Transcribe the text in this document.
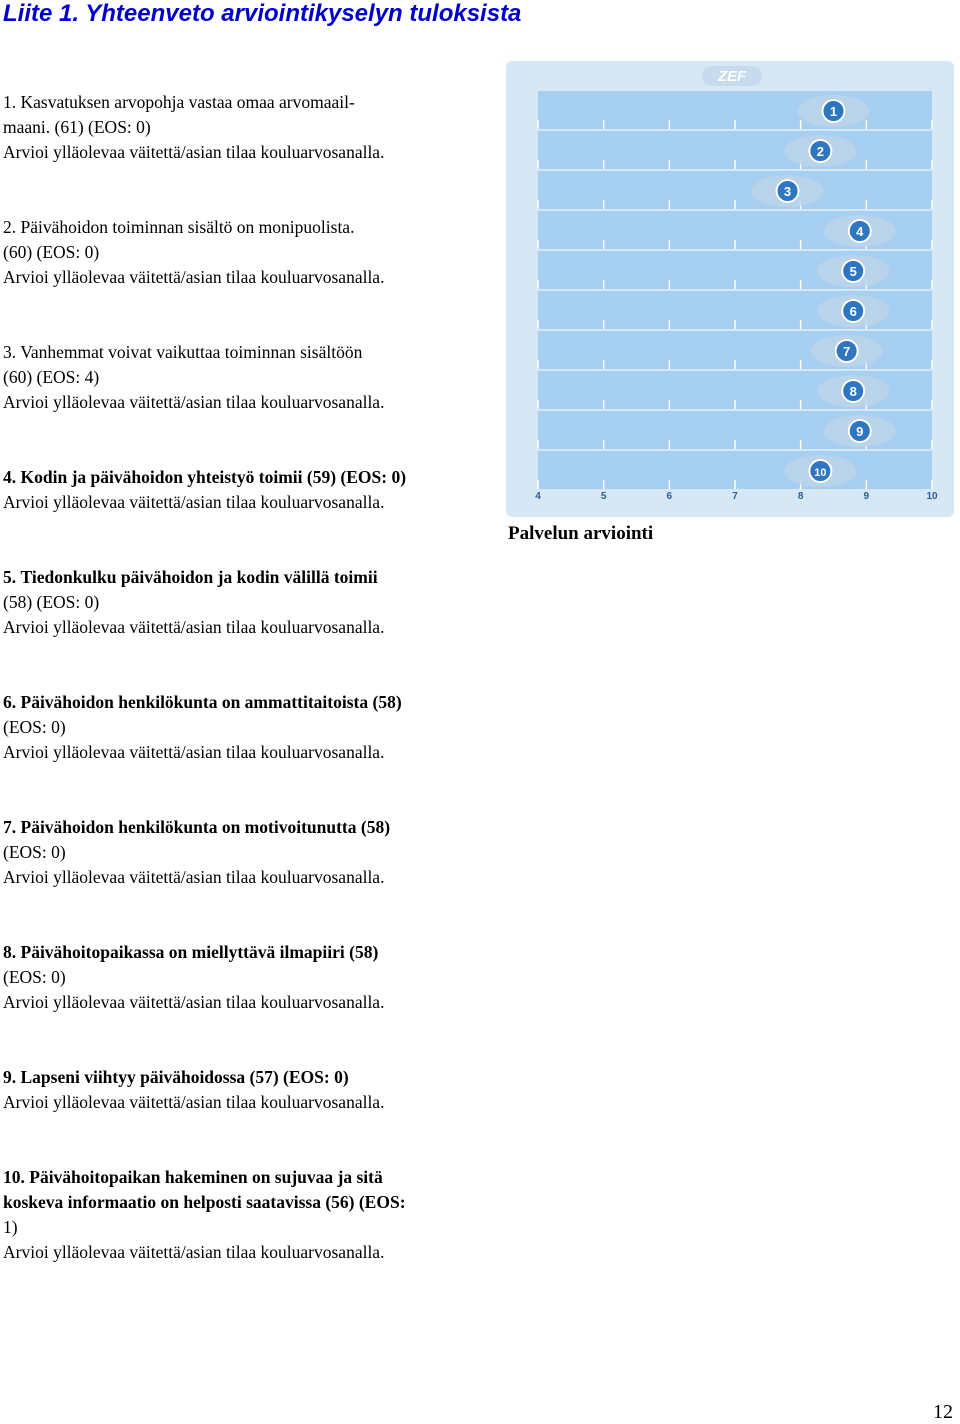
Liite 1. Yhteenveto arviointikyselyn tuloksista
1. Kasvatuksen arvopohja vastaa omaa arvomaail-
maani. (61) (EOS: 0)
Arvioi ylläolevaa väitettä/asian tilaa kouluarvosanalla.
2. Päivähoidon toiminnan sisältö on monipuolista.
(60) (EOS: 0)
Arvioi ylläolevaa väitettä/asian tilaa kouluarvosanalla.
3. Vanhemmat voivat vaikuttaa toiminnan sisältöön
(60) (EOS: 4)
Arvioi ylläolevaa väitettä/asian tilaa kouluarvosanalla.
4. Kodin ja päivähoidon yhteistyö toimii (59) (EOS: 0)
Arvioi ylläolevaa väitettä/asian tilaa kouluarvosanalla.
5. Tiedonkulku päivähoidon ja kodin välillä toimii
(58) (EOS: 0)
Arvioi ylläolevaa väitettä/asian tilaa kouluarvosanalla.
6. Päivähoidon henkilökunta on ammattitaitoista (58)
(EOS: 0)
Arvioi ylläolevaa väitettä/asian tilaa kouluarvosanalla.
7. Päivähoidon henkilökunta on motivoitunutta (58)
(EOS: 0)
Arvioi ylläolevaa väitettä/asian tilaa kouluarvosanalla.
8. Päivähoitopaikassa on miellyttävä ilmapiiri (58)
(EOS: 0)
Arvioi ylläolevaa väitettä/asian tilaa kouluarvosanalla.
9. Lapseni viihtyy päivähoidossa (57) (EOS: 0)
Arvioi ylläolevaa väitettä/asian tilaa kouluarvosanalla.
10. Päivähoitopaikan hakeminen on sujuvaa ja sitä
koskeva informaatio on helposti saatavissa (56) (EOS:
1)
Arvioi ylläolevaa väitettä/asian tilaa kouluarvosanalla.
ZEF
1
2
3
4
5
6
7
8
9
10
4	5	6	7	8	9	10

Palvelun arviointi

12
